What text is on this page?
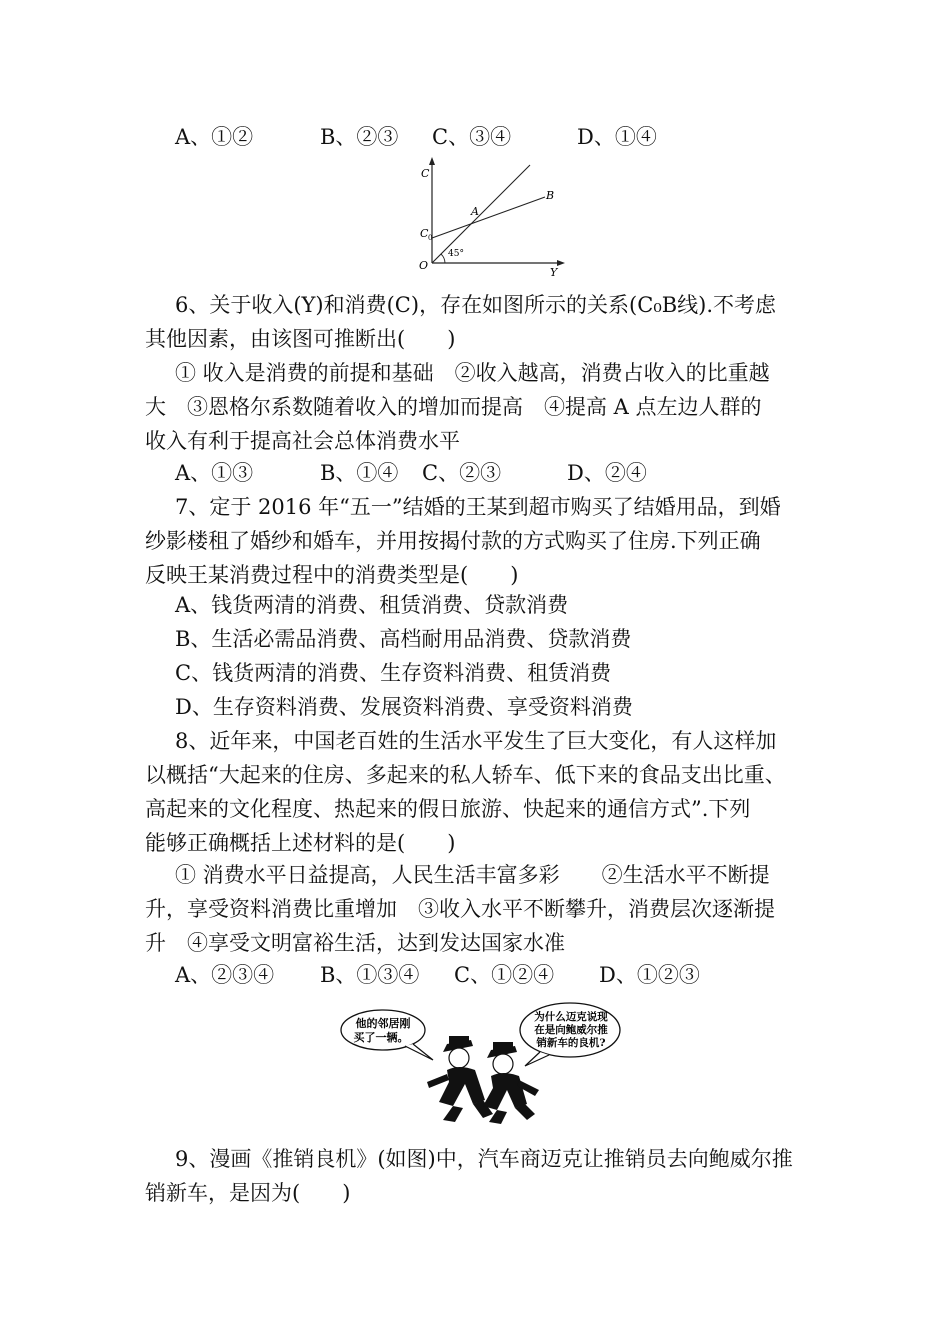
A、①②	B、②③ C、③④	D、①④
C
C 0
A
B
O
45°
Y
6、关于收入(Y)和消费(C)，存在如图所示的关系(C₀B线).不考虑
其他因素，由该图可推断出(　　)
① 收入是消费的前提和基础　②收入越高，消费占收入的比重越
大　③恩格尔系数随着收入的增加而提高　④提高 A 点左边人群的
收入有利于提高社会总体消费水平
A、①③	B、①④ C、②③	D、②④
7、定于 2016 年“五一”结婚的王某到超市购买了结婚用品，到婚
纱影楼租了婚纱和婚车，并用按揭付款的方式购买了住房.下列正确
反映王某消费过程中的消费类型是(　　)
A、钱货两清的消费、租赁消费、贷款消费
B、生活必需品消费、高档耐用品消费、贷款消费
C、钱货两清的消费、生存资料消费、租赁消费
D、生存资料消费、发展资料消费、享受资料消费
8、近年来，中国老百姓的生活水平发生了巨大变化，有人这样加
以概括“大起来的住房、多起来的私人轿车、低下来的食品支出比重、
高起来的文化程度、热起来的假日旅游、快起来的通信方式”.下列
能够正确概括上述材料的是(　　)
① 消费水平日益提高，人民生活丰富多彩　　②生活水平不断提
升，享受资料消费比重增加　③收入水平不断攀升，消费层次逐渐提
升　④享受文明富裕生活，达到发达国家水准
A、②③④ B、①③④ C、①②④ D、①②③
他的邻居刚
买了一辆。
为什么迈克说现
在是向鲍威尔推
销新车的良机?
9、漫画《推销良机》(如图)中，汽车商迈克让推销员去向鲍威尔推
销新车，是因为(　　)
